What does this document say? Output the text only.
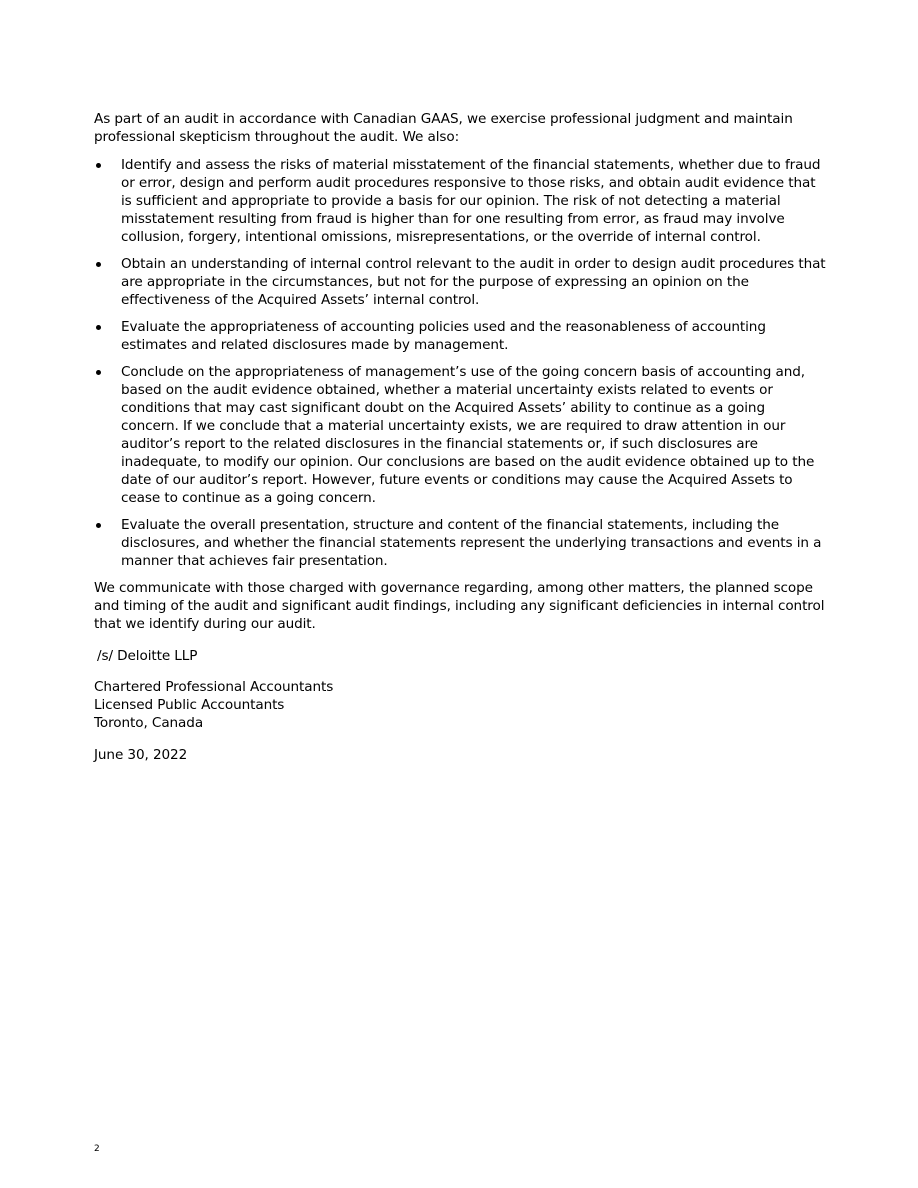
As part of an audit in accordance with Canadian GAAS, we exercise professional judgment and maintain professional skepticism throughout the audit. We also:

Identify and assess the risks of material misstatement of the financial statements, whether due to fraud or error, design and perform audit procedures responsive to those risks, and obtain audit evidence that is sufficient and appropriate to provide a basis for our opinion. The risk of not detecting a material misstatement resulting from fraud is higher than for one resulting from error, as fraud may involve collusion, forgery, intentional omissions, misrepresentations, or the override of internal control.
Obtain an understanding of internal control relevant to the audit in order to design audit procedures that are appropriate in the circumstances, but not for the purpose of expressing an opinion on the effectiveness of the Acquired Assets’ internal control.
Evaluate the appropriateness of accounting policies used and the reasonableness of accounting estimates and related disclosures made by management.
Conclude on the appropriateness of management’s use of the going concern basis of accounting and, based on the audit evidence obtained, whether a material uncertainty exists related to events or conditions that may cast significant doubt on the Acquired Assets’ ability to continue as a going concern. If we conclude that a material uncertainty exists, we are required to draw attention in our auditor’s report to the related disclosures in the financial statements or, if such disclosures are inadequate, to modify our opinion. Our conclusions are based on the audit evidence obtained up to the date of our auditor’s report. However, future events or conditions may cause the Acquired Assets to cease to continue as a going concern.
Evaluate the overall presentation, structure and content of the financial statements, including the disclosures, and whether the financial statements represent the underlying transactions and events in a manner that achieves fair presentation.

We communicate with those charged with governance regarding, among other matters, the planned scope and timing of the audit and significant audit findings, including any significant deficiencies in internal control that we identify during our audit.

/s/ Deloitte LLP

Chartered Professional Accountants
Licensed Public Accountants
Toronto, Canada

June 30, 2022

2
